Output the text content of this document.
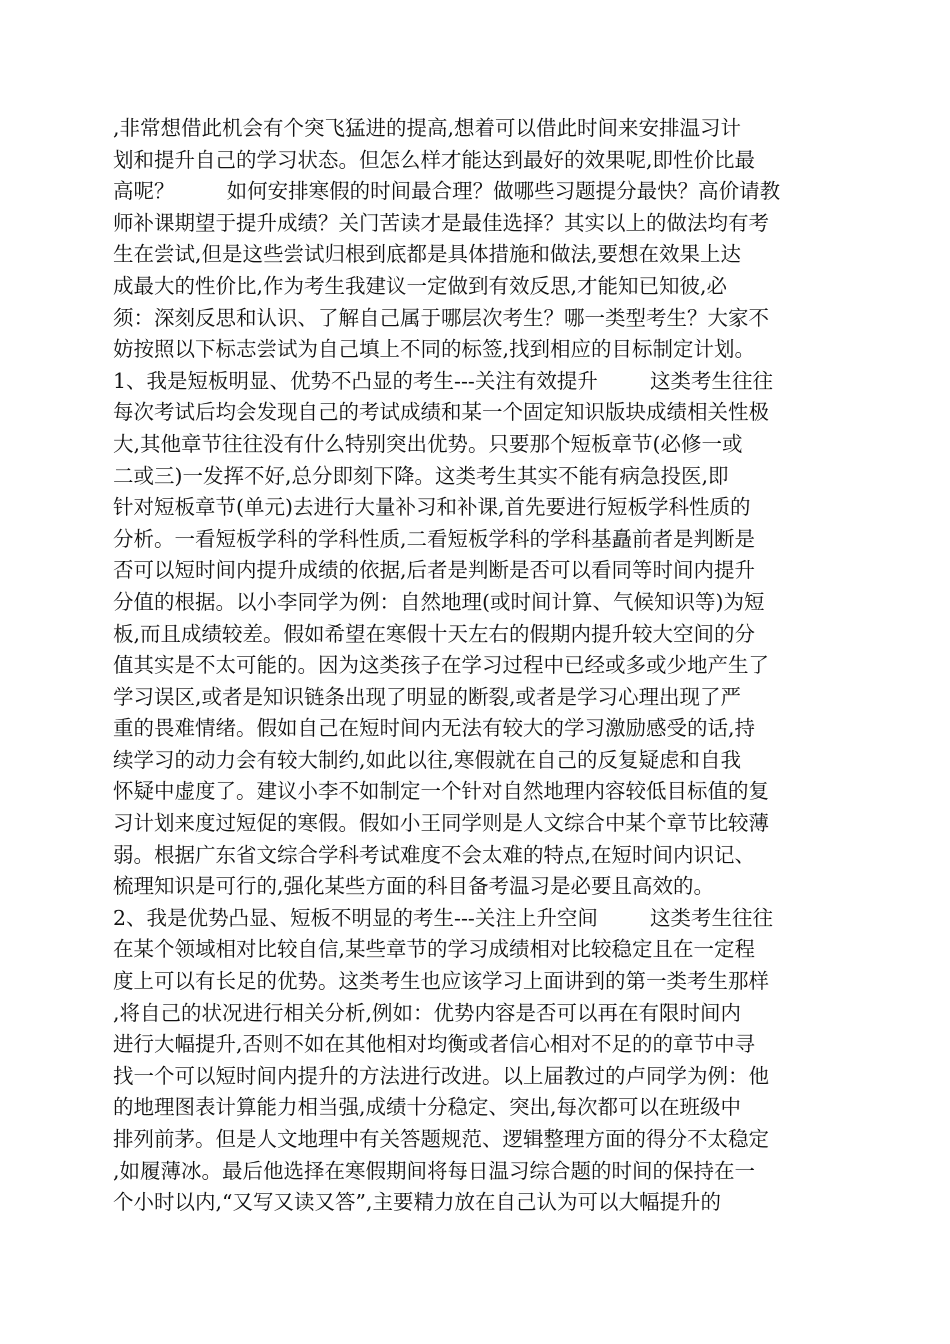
,非常想借此机会有个突飞猛进的提高,想着可以借此时间来安排温习计
划和提升自己的学习状态。但怎么样才能达到最好的效果呢,即性价比最
高呢？        如何安排寒假的时间最合理？做哪些习题提分最快？高价请教
师补课期望于提升成绩？关门苦读才是最佳选择？其实以上的做法均有考
生在尝试,但是这些尝试归根到底都是具体措施和做法,要想在效果上达
成最大的性价比,作为考生我建议一定做到有效反思,才能知已知彼,必
须：深刻反思和认识、了解自己属于哪层次考生？哪一类型考生？大家不
妨按照以下标志尝试为自己填上不同的标签,找到相应的目标制定计划。
1、我是短板明显、优势不凸显的考生---关注有效提升        这类考生往往
每次考试后均会发现自己的考试成绩和某一个固定知识版块成绩相关性极
大,其他章节往往没有什么特别突出优势。只要那个短板章节(必修一或
二或三)一发挥不好,总分即刻下降。这类考生其实不能有病急投医,即
针对短板章节(单元)去进行大量补习和补课,首先要进行短板学科性质的
分析。一看短板学科的学科性质,二看短板学科的学科基矗前者是判断是
否可以短时间内提升成绩的依据,后者是判断是否可以看同等时间内提升
分值的根据。以小李同学为例：自然地理(或时间计算、气候知识等)为短
板,而且成绩较差。假如希望在寒假十天左右的假期内提升较大空间的分
值其实是不太可能的。因为这类孩子在学习过程中已经或多或少地产生了
学习误区,或者是知识链条出现了明显的断裂,或者是学习心理出现了严
重的畏难情绪。假如自己在短时间内无法有较大的学习激励感受的话,持
续学习的动力会有较大制约,如此以往,寒假就在自己的反复疑虑和自我
怀疑中虚度了。建议小李不如制定一个针对自然地理内容较低目标值的复
习计划来度过短促的寒假。假如小王同学则是人文综合中某个章节比较薄
弱。根据广东省文综合学科考试难度不会太难的特点,在短时间内识记、
梳理知识是可行的,强化某些方面的科目备考温习是必要且高效的。
2、我是优势凸显、短板不明显的考生---关注上升空间        这类考生往往
在某个领域相对比较自信,某些章节的学习成绩相对比较稳定且在一定程
度上可以有长足的优势。这类考生也应该学习上面讲到的第一类考生那样
,将自己的状况进行相关分析,例如：优势内容是否可以再在有限时间内
进行大幅提升,否则不如在其他相对均衡或者信心相对不足的的章节中寻
找一个可以短时间内提升的方法进行改进。以上届教过的卢同学为例：他
的地理图表计算能力相当强,成绩十分稳定、突出,每次都可以在班级中
排列前茅。但是人文地理中有关答题规范、逻辑整理方面的得分不太稳定
,如履薄冰。最后他选择在寒假期间将每日温习综合题的时间的保持在一
个小时以内,“又写又读又答”,主要精力放在自己认为可以大幅提升的
